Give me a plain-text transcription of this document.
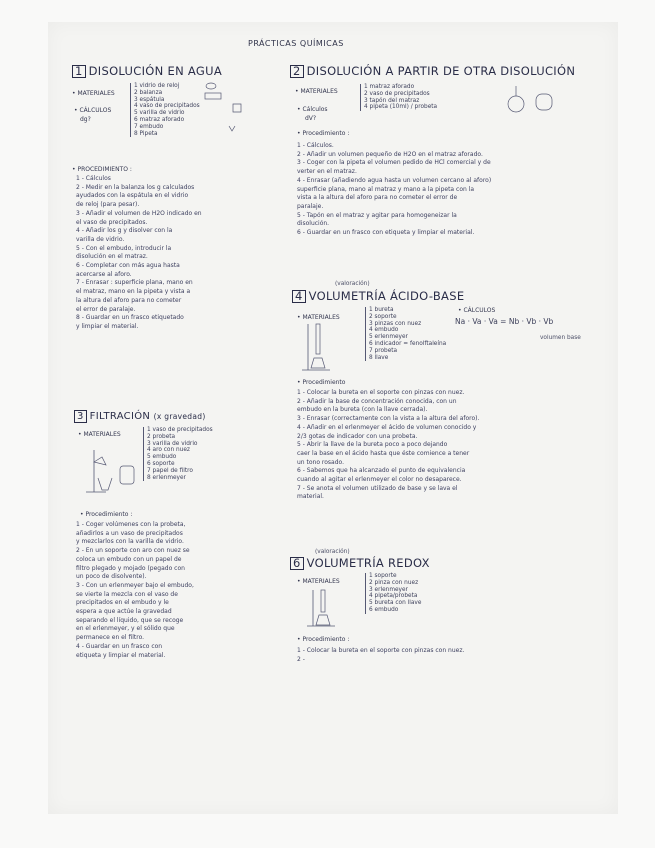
PRÁCTICAS QUÍMICAS
1 DISOLUCIÓN EN AGUA
• MATERIALES
1 vidrio de reloj
2 balanza
3 espátula
4 vaso de precipitados
5 varilla de vidrio
6 matraz aforado
7 embudo
8 Pipeta
• CÁLCULOS
dg?
• PROCEDIMIENTO :
1 - Cálculos
2 - Medir en la balanza los g calculados
ayudados con la espátula en el vidrio
de reloj (para pesar).
3 - Añadir el volumen de H2O indicado en
el vaso de precipitados.
4 - Añadir los g y disolver con la
varilla de vidrio.
5 - Con el embudo, introducir la
disolución en el matraz.
6 - Completar con más agua hasta
acercarse al aforo.
7 - Enrasar : superficie plana, mano en
el matraz, mano en la pipeta y vista a
la altura del aforo para no cometer
el error de paralaje.
8 - Guardar en un frasco etiquetado
y limpiar el material.
3 FILTRACIÓN (x gravedad)
• MATERIALES
1 vaso de precipitados
2 probeta
3 varilla de vidrio
4 aro con nuez
5 embudo
6 soporte
7 papel de filtro
8 erlenmeyer
• Procedimiento :
1 - Coger volúmenes con la probeta,
añadirlos a un vaso de precipitados
y mezclarlos con la varilla de vidrio.
2 - En un soporte con aro con nuez se
coloca un embudo con un papel de
filtro plegado y mojado (pegado con
un poco de disolvente).
3 - Con un erlenmeyer bajo el embudo,
se vierte la mezcla con el vaso de
precipitados en el embudo y le
espera a que actúe la gravedad
separando el líquido, que se recoge
en el erlenmeyer, y el sólido que
permanece en el filtro.
4 - Guardar en un frasco con
etiqueta y limpiar el material.
2 DISOLUCIÓN A PARTIR DE OTRA DISOLUCIÓN
• MATERIALES
1 matraz aforado
2 vaso de precipitados
3 tapón del matraz
4 pipeta (10ml) / probeta
• Cálculos
dV?
• Procedimiento :
1 - Cálculos.
2 - Añadir un volumen pequeño de H2O en el matraz aforado.
3 - Coger con la pipeta el volumen pedido de HCl comercial y de
verter en el matraz.
4 - Enrasar (añadiendo agua hasta un volumen cercano al aforo)
superficie plana, mano al matraz y mano a la pipeta con la
vista a la altura del aforo para no cometer el error de
paralaje.
5 - Tapón en el matraz y agitar para homogeneizar la
disolución.
6 - Guardar en un frasco con etiqueta y limpiar el material.
(valoración)
4 VOLUMETRÍA ÁCIDO-BASE
• MATERIALES
1 bureta
2 soporte
3 pinzas con nuez
4 embudo
5 erlenmeyer
6 indicador = fenolftaleína
7 probeta
8 llave
• CÁLCULOS
Na · Va · Va = Nb · Vb · Vb
volumen base
• Procedimiento
1 - Colocar la bureta en el soporte con pinzas con nuez.
2 - Añadir la base de concentración conocida, con un
embudo en la bureta (con la llave cerrada).
3 - Enrasar (correctamente con la vista a la altura del aforo).
4 - Añadir en el erlenmeyer el ácido de volumen conocido y
2/3 gotas de indicador con una probeta.
5 - Abrir la llave de la bureta poco a poco dejando
caer la base en el ácido hasta que éste comience a tener
un tono rosado.
6 - Sabemos que ha alcanzado el punto de equivalencia
cuando al agitar el erlenmeyer el color no desaparece.
7 - Se anota el volumen utilizado de base y se lava el
material.
(valoración)
6 VOLUMETRÍA REDOX
• MATERIALES
1 soporte
2 pinza con nuez
3 erlenmeyer
4 pipeta/probeta
5 bureta con llave
6 embudo
• Procedimiento :
1 - Colocar la bureta en el soporte con pinzas con nuez.
2 -
